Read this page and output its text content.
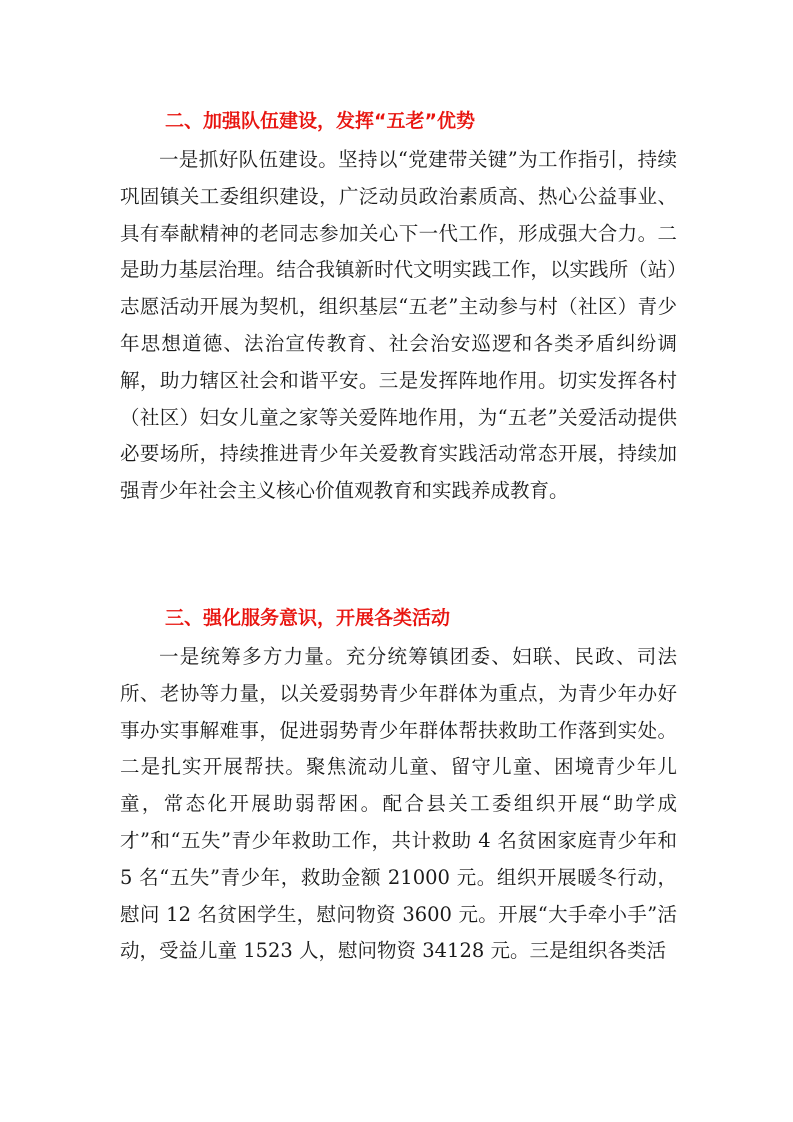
二、加强队伍建设，发挥“五老”优势

一是抓好队伍建设。坚持以“党建带关键”为工作指引，持续巩固镇关工委组织建设，广泛动员政治素质高、热心公益事业、具有奉献精神的老同志参加关心下一代工作，形成强大合力。二是助力基层治理。结合我镇新时代文明实践工作，以实践所（站）志愿活动开展为契机，组织基层“五老”主动参与村（社区）青少年思想道德、法治宣传教育、社会治安巡逻和各类矛盾纠纷调解，助力辖区社会和谐平安。三是发挥阵地作用。切实发挥各村（社区）妇女儿童之家等关爱阵地作用，为“五老”关爱活动提供必要场所，持续推进青少年关爱教育实践活动常态开展，持续加强青少年社会主义核心价值观教育和实践养成教育。

三、强化服务意识，开展各类活动

一是统筹多方力量。充分统筹镇团委、妇联、民政、司法所、老协等力量，以关爱弱势青少年群体为重点，为青少年办好事办实事解难事，促进弱势青少年群体帮扶救助工作落到实处。二是扎实开展帮扶。聚焦流动儿童、留守儿童、困境青少年儿童，常态化开展助弱帮困。配合县关工委组织开展“助学成才”和“五失”青少年救助工作，共计救助 4 名贫困家庭青少年和 5 名“五失”青少年，救助金额 21000 元。组织开展暖冬行动，慰问 12 名贫困学生，慰问物资 3600 元。开展“大手牵小手”活动，受益儿童 1523 人，慰问物资 34128 元。三是组织各类活
